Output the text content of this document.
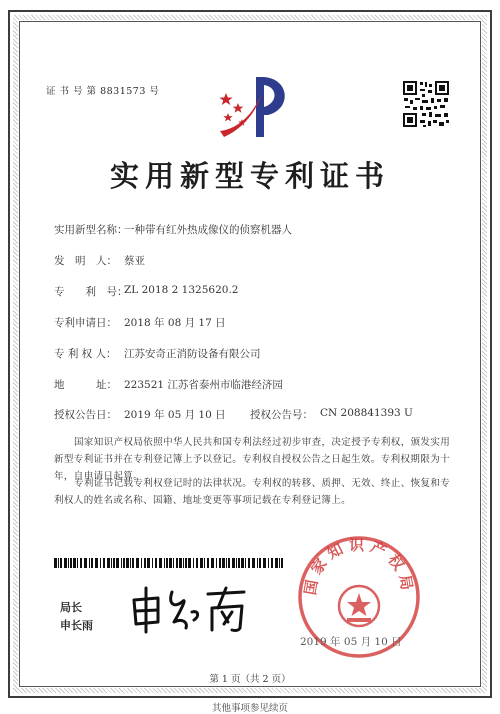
证 书 号 第 8831573 号
实用新型专利证书
实用新型名称：
一种带有红外热成像仪的侦察机器人
发　明　人： 蔡亚
专　　利　号：
ZL 2018 2 1325620.2
专利申请日： 2018 年 08 月 17 日
专 利 权 人： 江苏安奇正消防设备有限公司
地　　　址： 223521 江苏省泰州市临港经济园
授权公告日： 2019 年 05 月 10 日 授权公告号： CN 208841393 U
国家知识产权局依照中华人民共和国专利法经过初步审查，决定授予专利权，颁发实用
新型专利证书并在专利登记簿上予以登记。专利权自授权公告之日起生效。专利权期限为十
年，自申请日起算。
专利证书记载专利权登记时的法律状况。专利权的转移、质押、无效、终止、恢复和专
利权人的姓名或名称、国籍、地址变更等事项记载在专利登记簿上。
局长
申长雨
国家知识产权局
2019 年 05 月 10 日
第 1 页（共 2 页）
其他事项参见续页
